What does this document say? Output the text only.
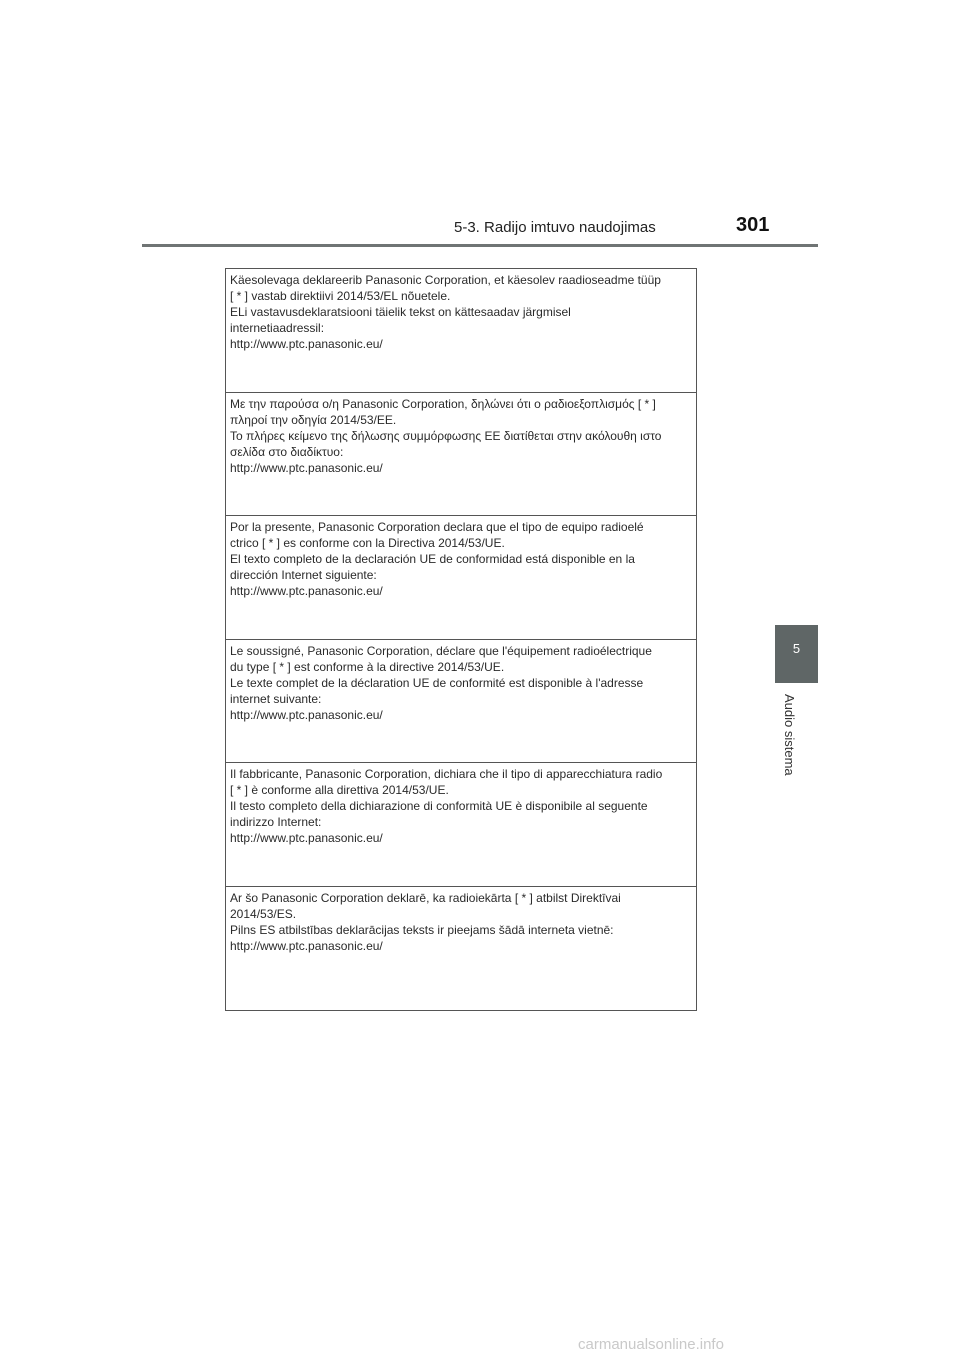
5-3. Radijo imtuvo naudojimas	301
5
Audio sistema
Käesolevaga deklareerib Panasonic Corporation, et käesolev raadioseadme tüüp
[ * ] vastab direktiivi 2014/53/EL nõuetele.
ELi vastavusdeklaratsiooni täielik tekst on kättesaadav järgmisel
internetiaadressil:
http://www.ptc.panasonic.eu/
Με την παρούσα ο/η Panasonic Corporation, δηλώνει ότι ο ραδιοεξοπλισμός [ * ]
πληροί την οδηγία 2014/53/ΕΕ.
Το πλήρες κείμενο της δήλωσης συμμόρφωσης ΕΕ διατίθεται στην ακόλουθη ιστο
σελίδα στο διαδίκτυο:
http://www.ptc.panasonic.eu/
Por la presente, Panasonic Corporation declara que el tipo de equipo radioelé
ctrico [ * ] es conforme con la Directiva 2014/53/UE.
El texto completo de la declaración UE de conformidad está disponible en la
dirección Internet siguiente:
http://www.ptc.panasonic.eu/
Le soussigné, Panasonic Corporation, déclare que l'équipement radioélectrique
du type [ * ] est conforme à la directive 2014/53/UE.
Le texte complet de la déclaration UE de conformité est disponible à l'adresse
internet suivante:
http://www.ptc.panasonic.eu/
Il fabbricante, Panasonic Corporation, dichiara che il tipo di apparecchiatura radio
[ * ] è conforme alla direttiva 2014/53/UE.
Il testo completo della dichiarazione di conformità UE è disponibile al seguente
indirizzo Internet:
http://www.ptc.panasonic.eu/
Ar šo Panasonic Corporation deklarē, ka radioiekārta [ * ] atbilst Direktīvai
2014/53/ES.
Pilns ES atbilstības deklarācijas teksts ir pieejams šādā interneta vietnē:
http://www.ptc.panasonic.eu/
carmanualsonline.info
